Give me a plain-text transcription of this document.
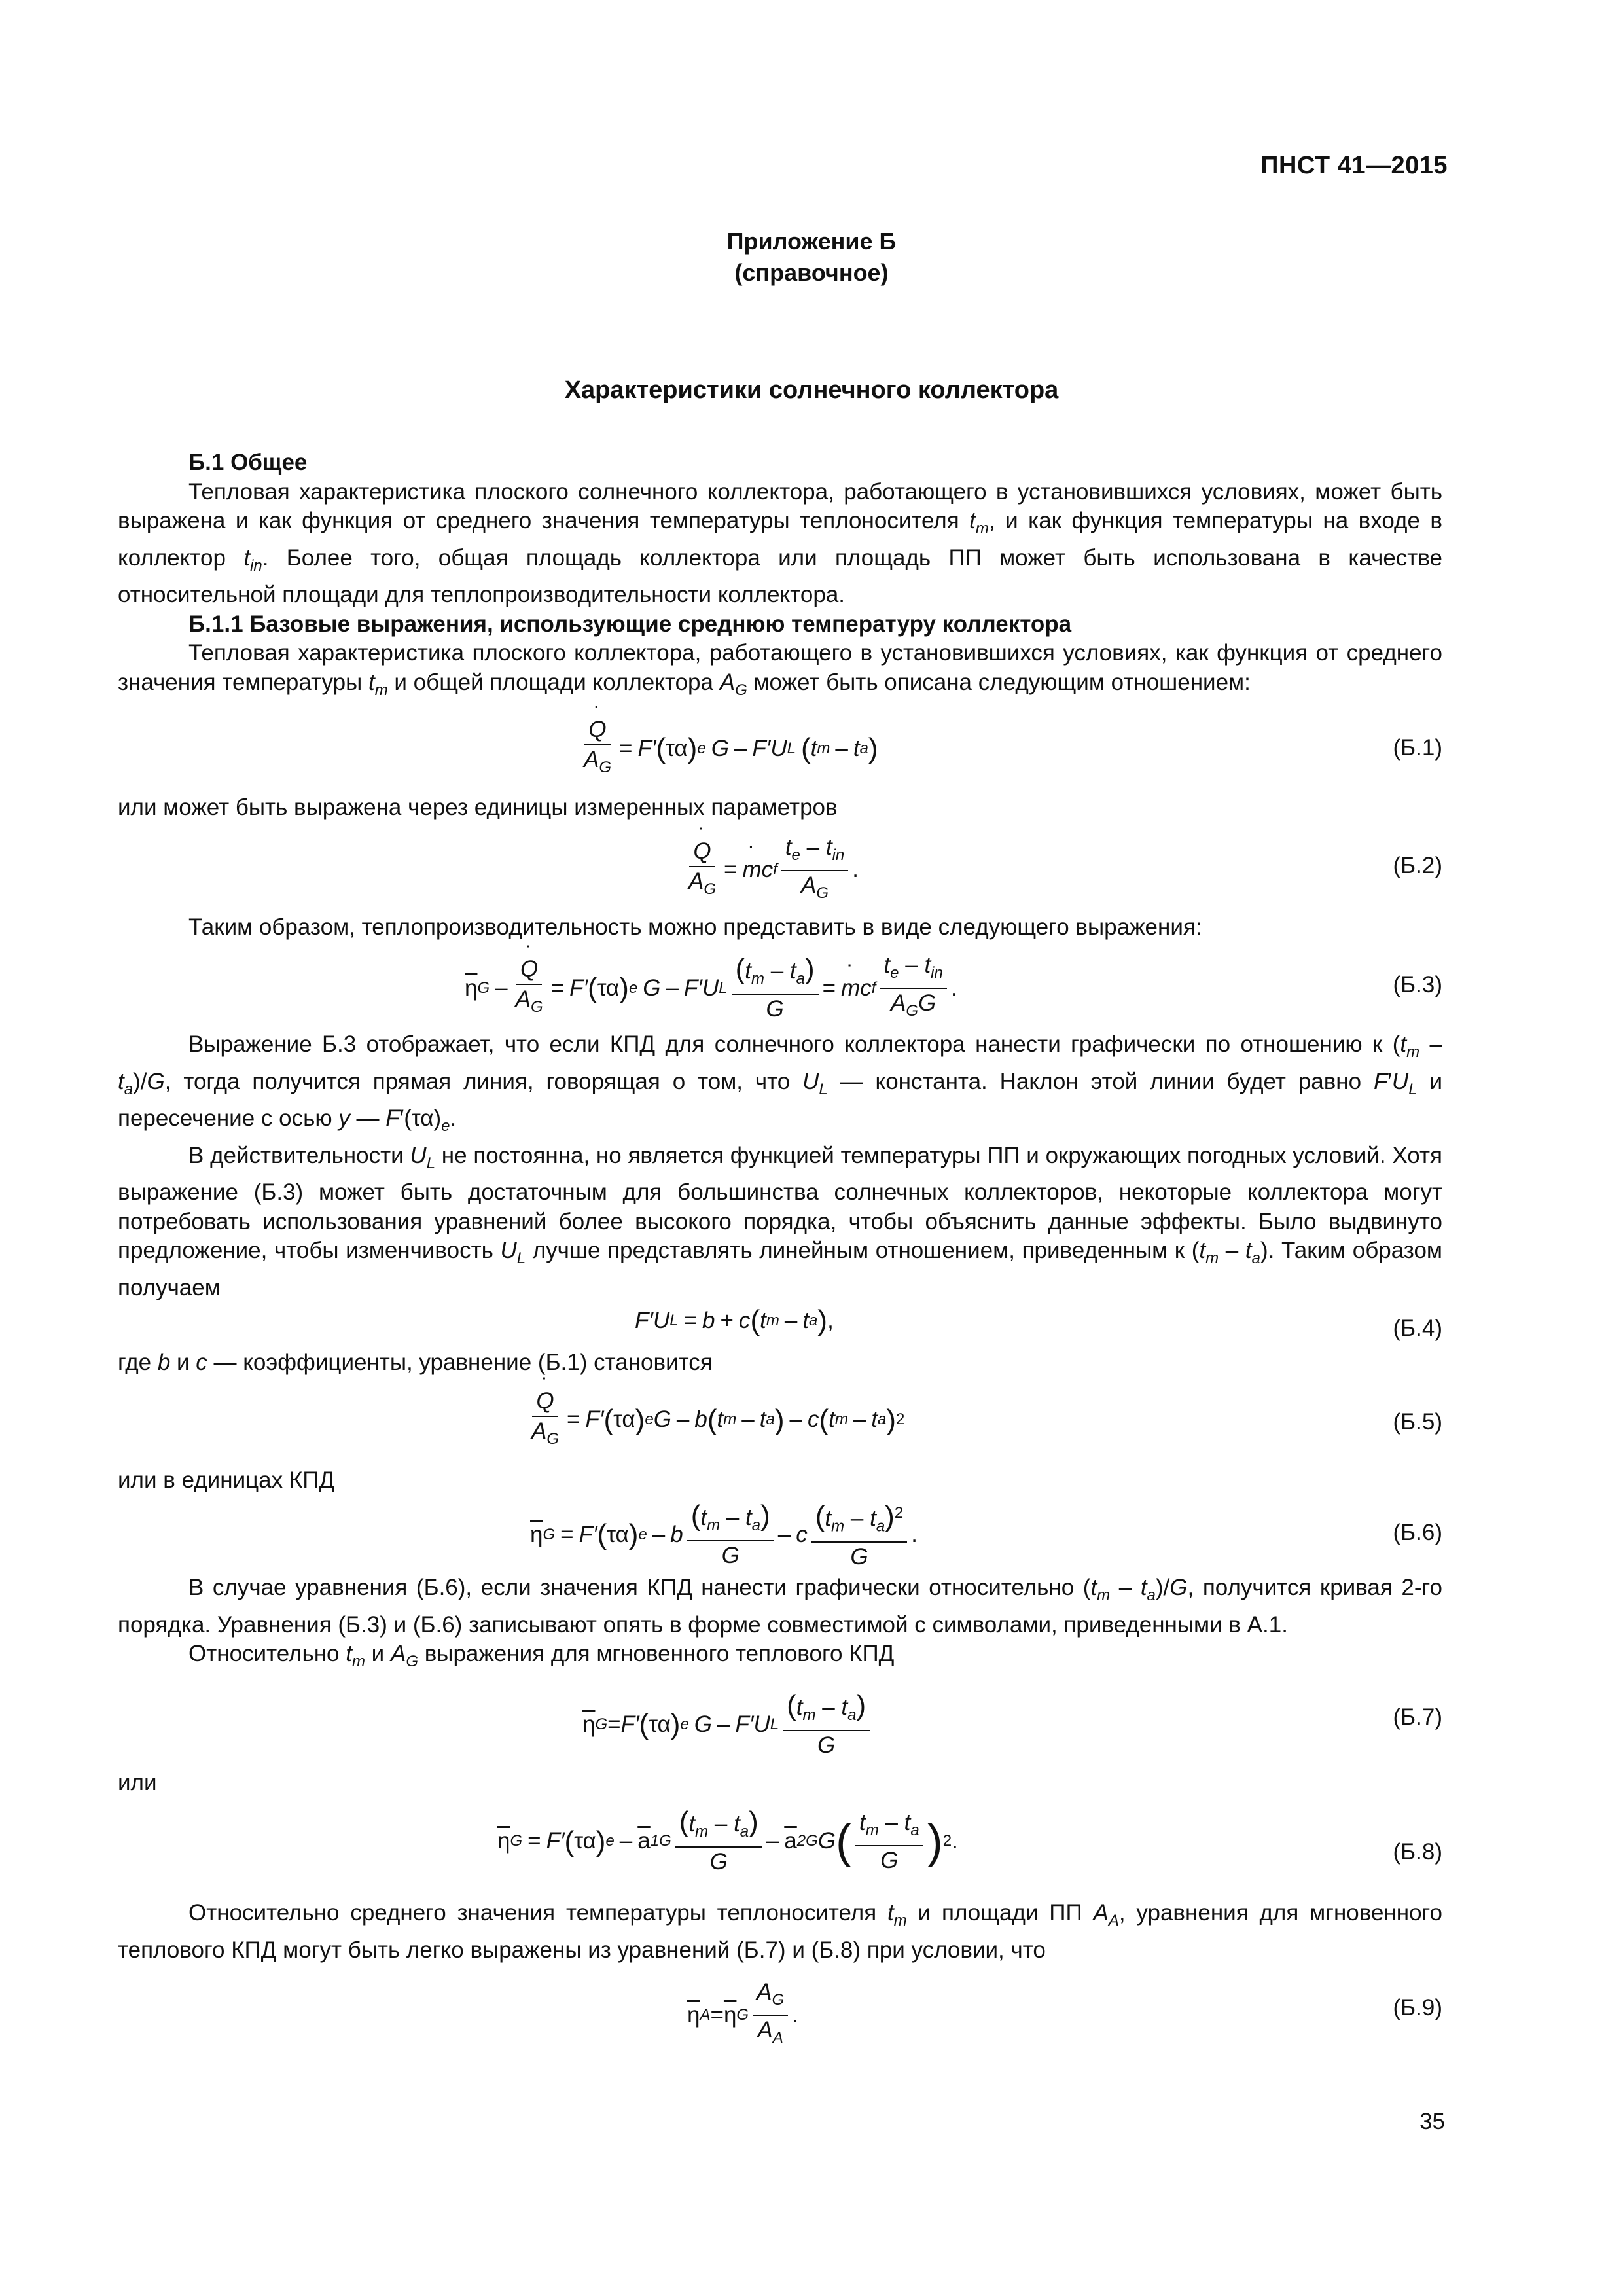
ПНСТ 41—2015
Приложение Б
(справочное)
Характеристики солнечного коллектора
Б.1 Общее

Тепловая характеристика плоского солнечного коллектора, работающего в установившихся условиях, может быть выражена и как функция от среднего значения температуры теплоносителя $t_m$, и как функция температуры на входе в коллектор $t_{in}$. Более того, общая площадь коллектора или площадь ПП может быть использована в качестве относительной площади для теплопроизводительности коллектора.

Б.1.1 Базовые выражения, использующие среднюю температуру коллектора

Тепловая характеристика плоского коллектора, работающего в установившихся условиях, как функция от среднего значения температуры $t_m$ и общей площади коллектора $A_G$ может быть описана следующим отношением:

˙ $\frac{Q}{A_G} = F'$ ( τα ) e G – F′U L ( t m – t a )	(Б.1)

или может быть выражена через единицы измеренных параметров

˙ $\frac{Q}{A_G}$ = ˙ m c f $\frac{t_e - t_{in}}{A_G}$ .	(Б.2)

Таким образом, теплопроизводительность можно представить в виде следующего выражения:

$\overline{\eta}$ G – ˙ $\frac{Q}{A_G} = F'$ ( τα ) e G – F′U L $\frac{(t_m - t_a)}{G}$ = ˙ m c f $\frac{t_e - t_{in}}{A_GG}$ .	(Б.3)

Выражение Б.3 отображает, что если КПД для солнечного коллектора нанести графически по отношению к $(t_m - t_a)/G$, тогда получится прямая линия, говорящая о том, что $U_L$ — константа. Наклон этой линии будет равно $F'U_L$ и пересечение с осью y — $F'(\tau\alpha)_e$.

В действительности $U_L$ не постоянна, но является функцией температуры ПП и окружающих погодных условий. Хотя выражение (Б.3) может быть достаточным для большинства солнечных коллекторов, некоторые коллектора могут потребовать использования уравнений более высокого порядка, чтобы объяснить данные эффекты. Было выдвинуто предложение, чтобы изменчивость $U_L$ лучше представлять линейным отношением, приведенным к $(t_m - t_a)$. Таким образом получаем

F′U L = b + c ( t m – t a ) ,	(Б.4)

где b и c — коэффициенты, уравнение (Б.1) становится

˙ $\frac{Q}{A_G} = F'$ ( τα ) e G – b ( t m – t a ) – c ( t m – t a ) 2	(Б.5)

или в единицах КПД

$\overline{\eta}$ G = F′ ( τα ) e – b $\frac{(t_m - t_a)}{G}$ – c $\frac{(t_m - t_a)^2}{G}$ .	(Б.6)

В случае уравнения (Б.6), если значения КПД нанести графически относительно $(t_m - t_a)/G$, получится кривая 2-го порядка. Уравнения (Б.3) и (Б.6) записывают опять в форме совместимой с символами, приведенными в А.1.

Относительно $t_m$ и $A_G$ выражения для мгновенного теплового КПД

$\overline{\eta}$ G = F′ ( τα ) e G – F′U L $\frac{(t_m - t_a)}{G}$	(Б.7)

или

$\overline{\eta}$ G = F′ ( τα ) e – $\overline{a}$ $1G \frac{(t_m - t_a)}{G} - \overline{a}$ 2G G ( $\frac{t_m - t_a}{G}$ ) 2 .	(Б.8)

Относительно среднего значения температуры теплоносителя $t_m$ и площади ПП $A_A$, уравнения для мгновенного теплового КПД могут быть легко выражены из уравнений (Б.7) и (Б.8) при условии, что

$\overline{\eta}$ $A = \overline{\eta}$ G $\frac{A_G}{A_A}$ .	(Б.9)
35
